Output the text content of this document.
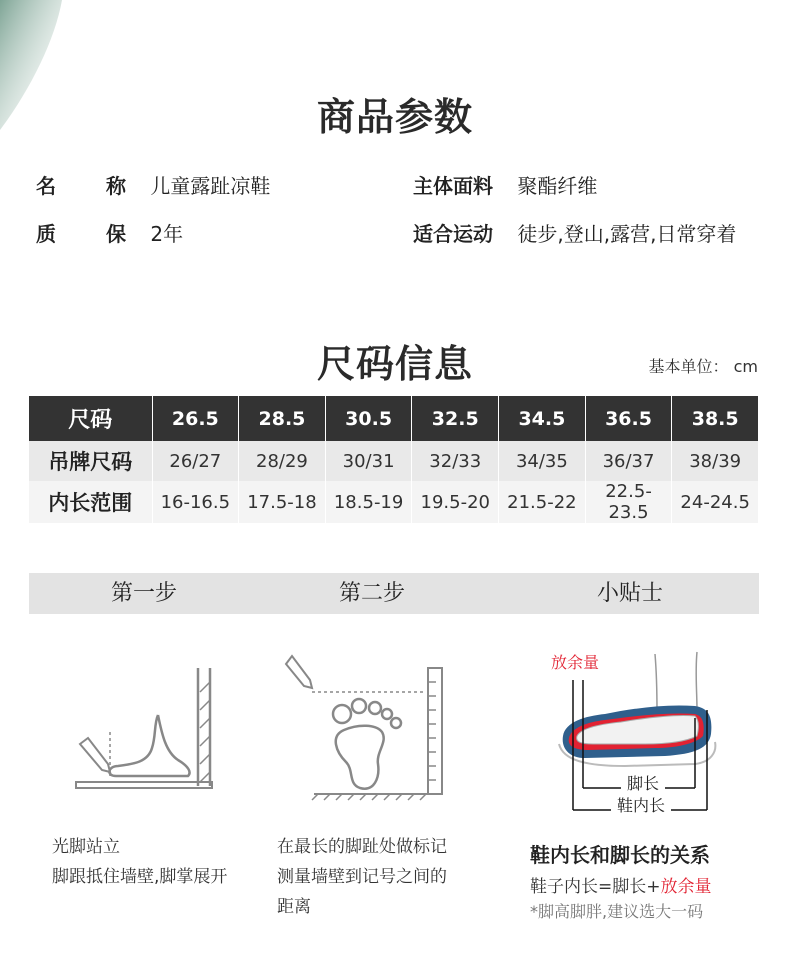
商品参数
名	称 儿童露趾凉鞋	主体面料 聚酯纤维
质	保 2年	适合运动 徒步,登山,露营,日常穿着
尺码信息	基本单位： cm
尺码	26.5	28.5	30.5	32.5	34.5	36.5	38.5
吊牌尺码	26/27	28/29	30/31	32/33	34/35	36/37	38/39
内长范围	16-16.5	17.5-18	18.5-19	19.5-20	21.5-22	22.5-23.5	24-24.5
第一步	第二步	小贴士
脚长
鞋内长
放余量
光脚站立
脚跟抵住墙壁,脚掌展开
在最长的脚趾处做标记
测量墙壁到记号之间的
距离
鞋内长和脚长的关系
鞋子内长=脚长+放余量
*脚高脚胖,建议选大一码
